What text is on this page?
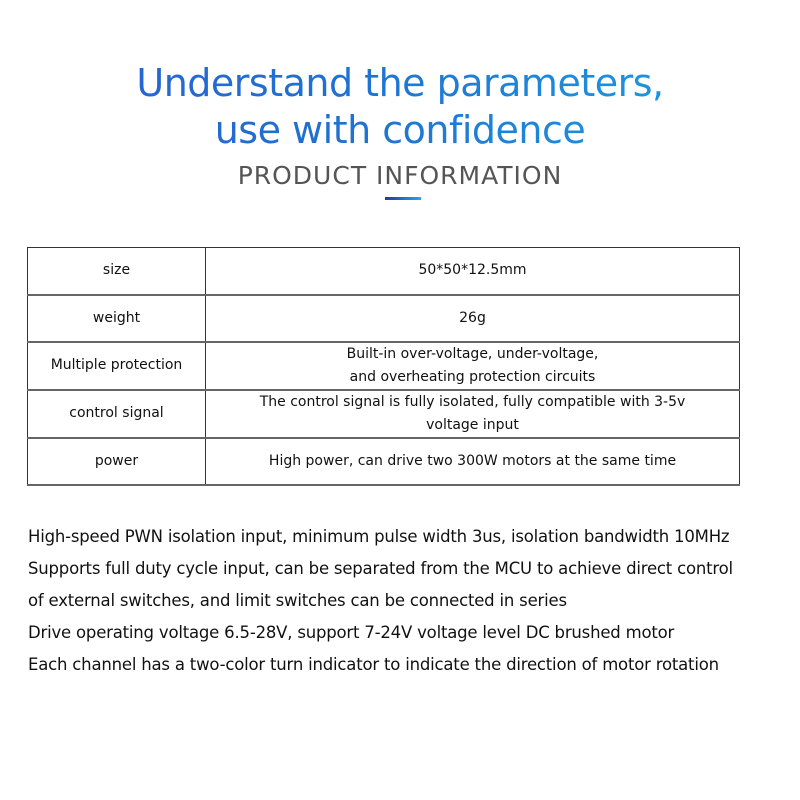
Understand the parameters,
use with confidence
PRODUCT INFORMATION
size	50*50*12.5mm

weight	26g

Multiple protection	Built-in over-voltage, under-voltage,
and overheating protection circuits

control signal	The control signal is fully isolated, fully compatible with 3-5v
voltage input

power	High power, can drive two 300W motors at the same time
High-speed PWN isolation input, minimum pulse width 3us, isolation bandwidth 10MHz
Supports full duty cycle input, can be separated from the MCU to achieve direct control
of external switches, and limit switches can be connected in series
Drive operating voltage 6.5-28V, support 7-24V voltage level DC brushed motor
Each channel has a two-color turn indicator to indicate the direction of motor rotation
